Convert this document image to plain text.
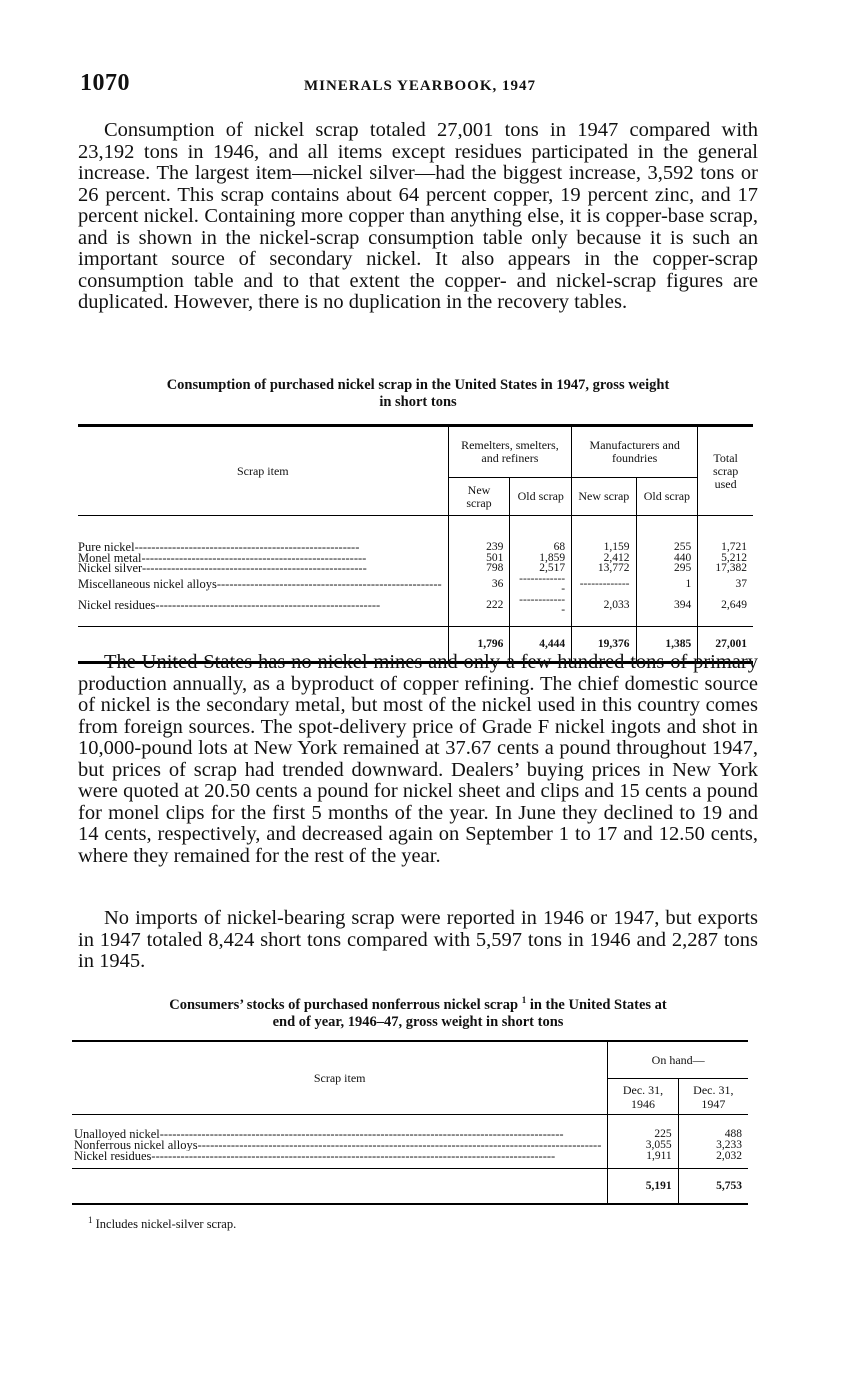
1070	MINERALS YEARBOOK, 1947

Consumption of nickel scrap totaled 27,001 tons in 1947 compared with 23,192 tons in 1946, and all items except residues participated in the general increase. The largest item—nickel silver—had the biggest increase, 3,592 tons or 26 percent. This scrap contains about 64 percent copper, 19 percent zinc, and 17 percent nickel. Containing more copper than anything else, it is copper-base scrap, and is shown in the nickel-scrap consumption table only because it is such an important source of secondary nickel. It also appears in the copper-scrap consumption table and to that extent the copper- and nickel-scrap figures are duplicated. However, there is no duplication in the recovery tables.

Consumption of purchased nickel scrap in the United States in 1947, gross weight
in short tons
Scrap item	Remelters, smelters, and refiners		Manufacturers and foundries		Total scrap used
	New scrap	Old scrap	New scrap	Old scrap	

Pure nickel------------------------------------------------------	239	68	1,159	255	1,721
Monel metal------------------------------------------------------	501	1,859	2,412	440	5,212
Nickel silver------------------------------------------------------	798	2,517	13,772	295	17,382
Miscellaneous nickel alloys------------------------------------------------------	36	-------------	-------------	1	37
Nickel residues------------------------------------------------------	222	-------------	2,033	394	2,649

	1,796	4,444	19,376	1,385	27,001

The United States has no nickel mines and only a few hundred tons of primary production annually, as a byproduct of copper refining. The chief domestic source of nickel is the secondary metal, but most of the nickel used in this country comes from foreign sources. The spot-delivery price of Grade F nickel ingots and shot in 10,000-pound lots at New York remained at 37.67 cents a pound throughout 1947, but prices of scrap had trended downward. Dealers’ buying prices in New York were quoted at 20.50 cents a pound for nickel sheet and clips and 15 cents a pound for monel clips for the first 5 months of the year. In June they declined to 19 and 14 cents, respectively, and decreased again on September 1 to 17 and 12.50 cents, where they remained for the rest of the year.

No imports of nickel-bearing scrap were reported in 1946 or 1947, but exports in 1947 totaled 8,424 short tons compared with 5,597 tons in 1946 and 2,287 tons in 1945.

Consumers’ stocks of purchased nonferrous nickel scrap $^1$ in the United States at
end of year, 1946–47, gross weight in short tons
Scrap item	On hand—	
	Dec. 31, 1946	Dec. 31, 1947

Unalloyed nickel-------------------------------------------------------------------------------------------------	225	488
Nonferrous nickel alloys-------------------------------------------------------------------------------------------------	3,055	3,233
Nickel residues-------------------------------------------------------------------------------------------------	1,911	2,032

	5,191	5,753
$^1$ Includes nickel-silver scrap.
